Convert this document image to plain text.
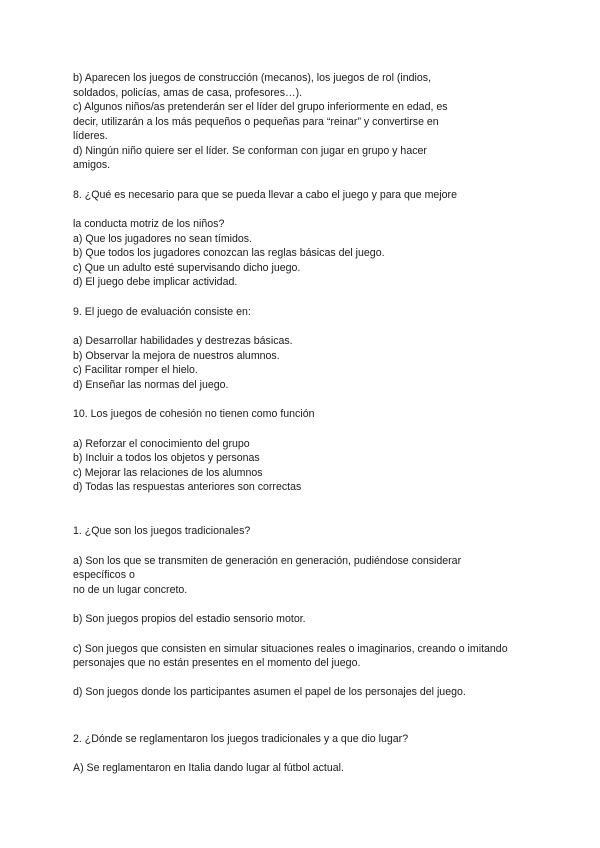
b) Aparecen los juegos de construcción (mecanos), los juegos de rol (indios,
soldados, policías, amas de casa, profesores…).
c) Algunos niños/as pretenderán ser el líder del grupo inferiormente en edad, es
decir, utilizarán a los más pequeños o pequeñas para “reinar” y convertirse en
líderes.
d) Ningún niño quiere ser el líder. Se conforman con jugar en grupo y hacer
amigos.
8. ¿Qué es necesario para que se pueda llevar a cabo el juego y para que mejore
la conducta motriz de los niños?
a) Que los jugadores no sean tímidos.
b) Que todos los jugadores conozcan las reglas básicas del juego.
c) Que un adulto esté supervisando dicho juego.
d) El juego debe implicar actividad.
9. El juego de evaluación consiste en:
a) Desarrollar habilidades y destrezas básicas.
b) Observar la mejora de nuestros alumnos.
c) Facilitar romper el hielo.
d) Enseñar las normas del juego.
10. Los juegos de cohesión no tienen como función
a) Reforzar el conocimiento del grupo
b) Incluir a todos los objetos y personas
c) Mejorar las relaciones de los alumnos
d) Todas las respuestas anteriores son correctas
1. ¿Que son los juegos tradicionales?
a) Son los que se transmiten de generación en generación, pudiéndose considerar
específicos o
no de un lugar concreto.
b) Son juegos propios del estadio sensorio motor.
c) Son juegos que consisten en simular situaciones reales o imaginarios, creando o imitando
personajes que no están presentes en el momento del juego.
d) Son juegos donde los participantes asumen el papel de los personajes del juego.
2. ¿Dónde se reglamentaron los juegos tradicionales y a que dio lugar?
A) Se reglamentaron en Italia dando lugar al fútbol actual.
